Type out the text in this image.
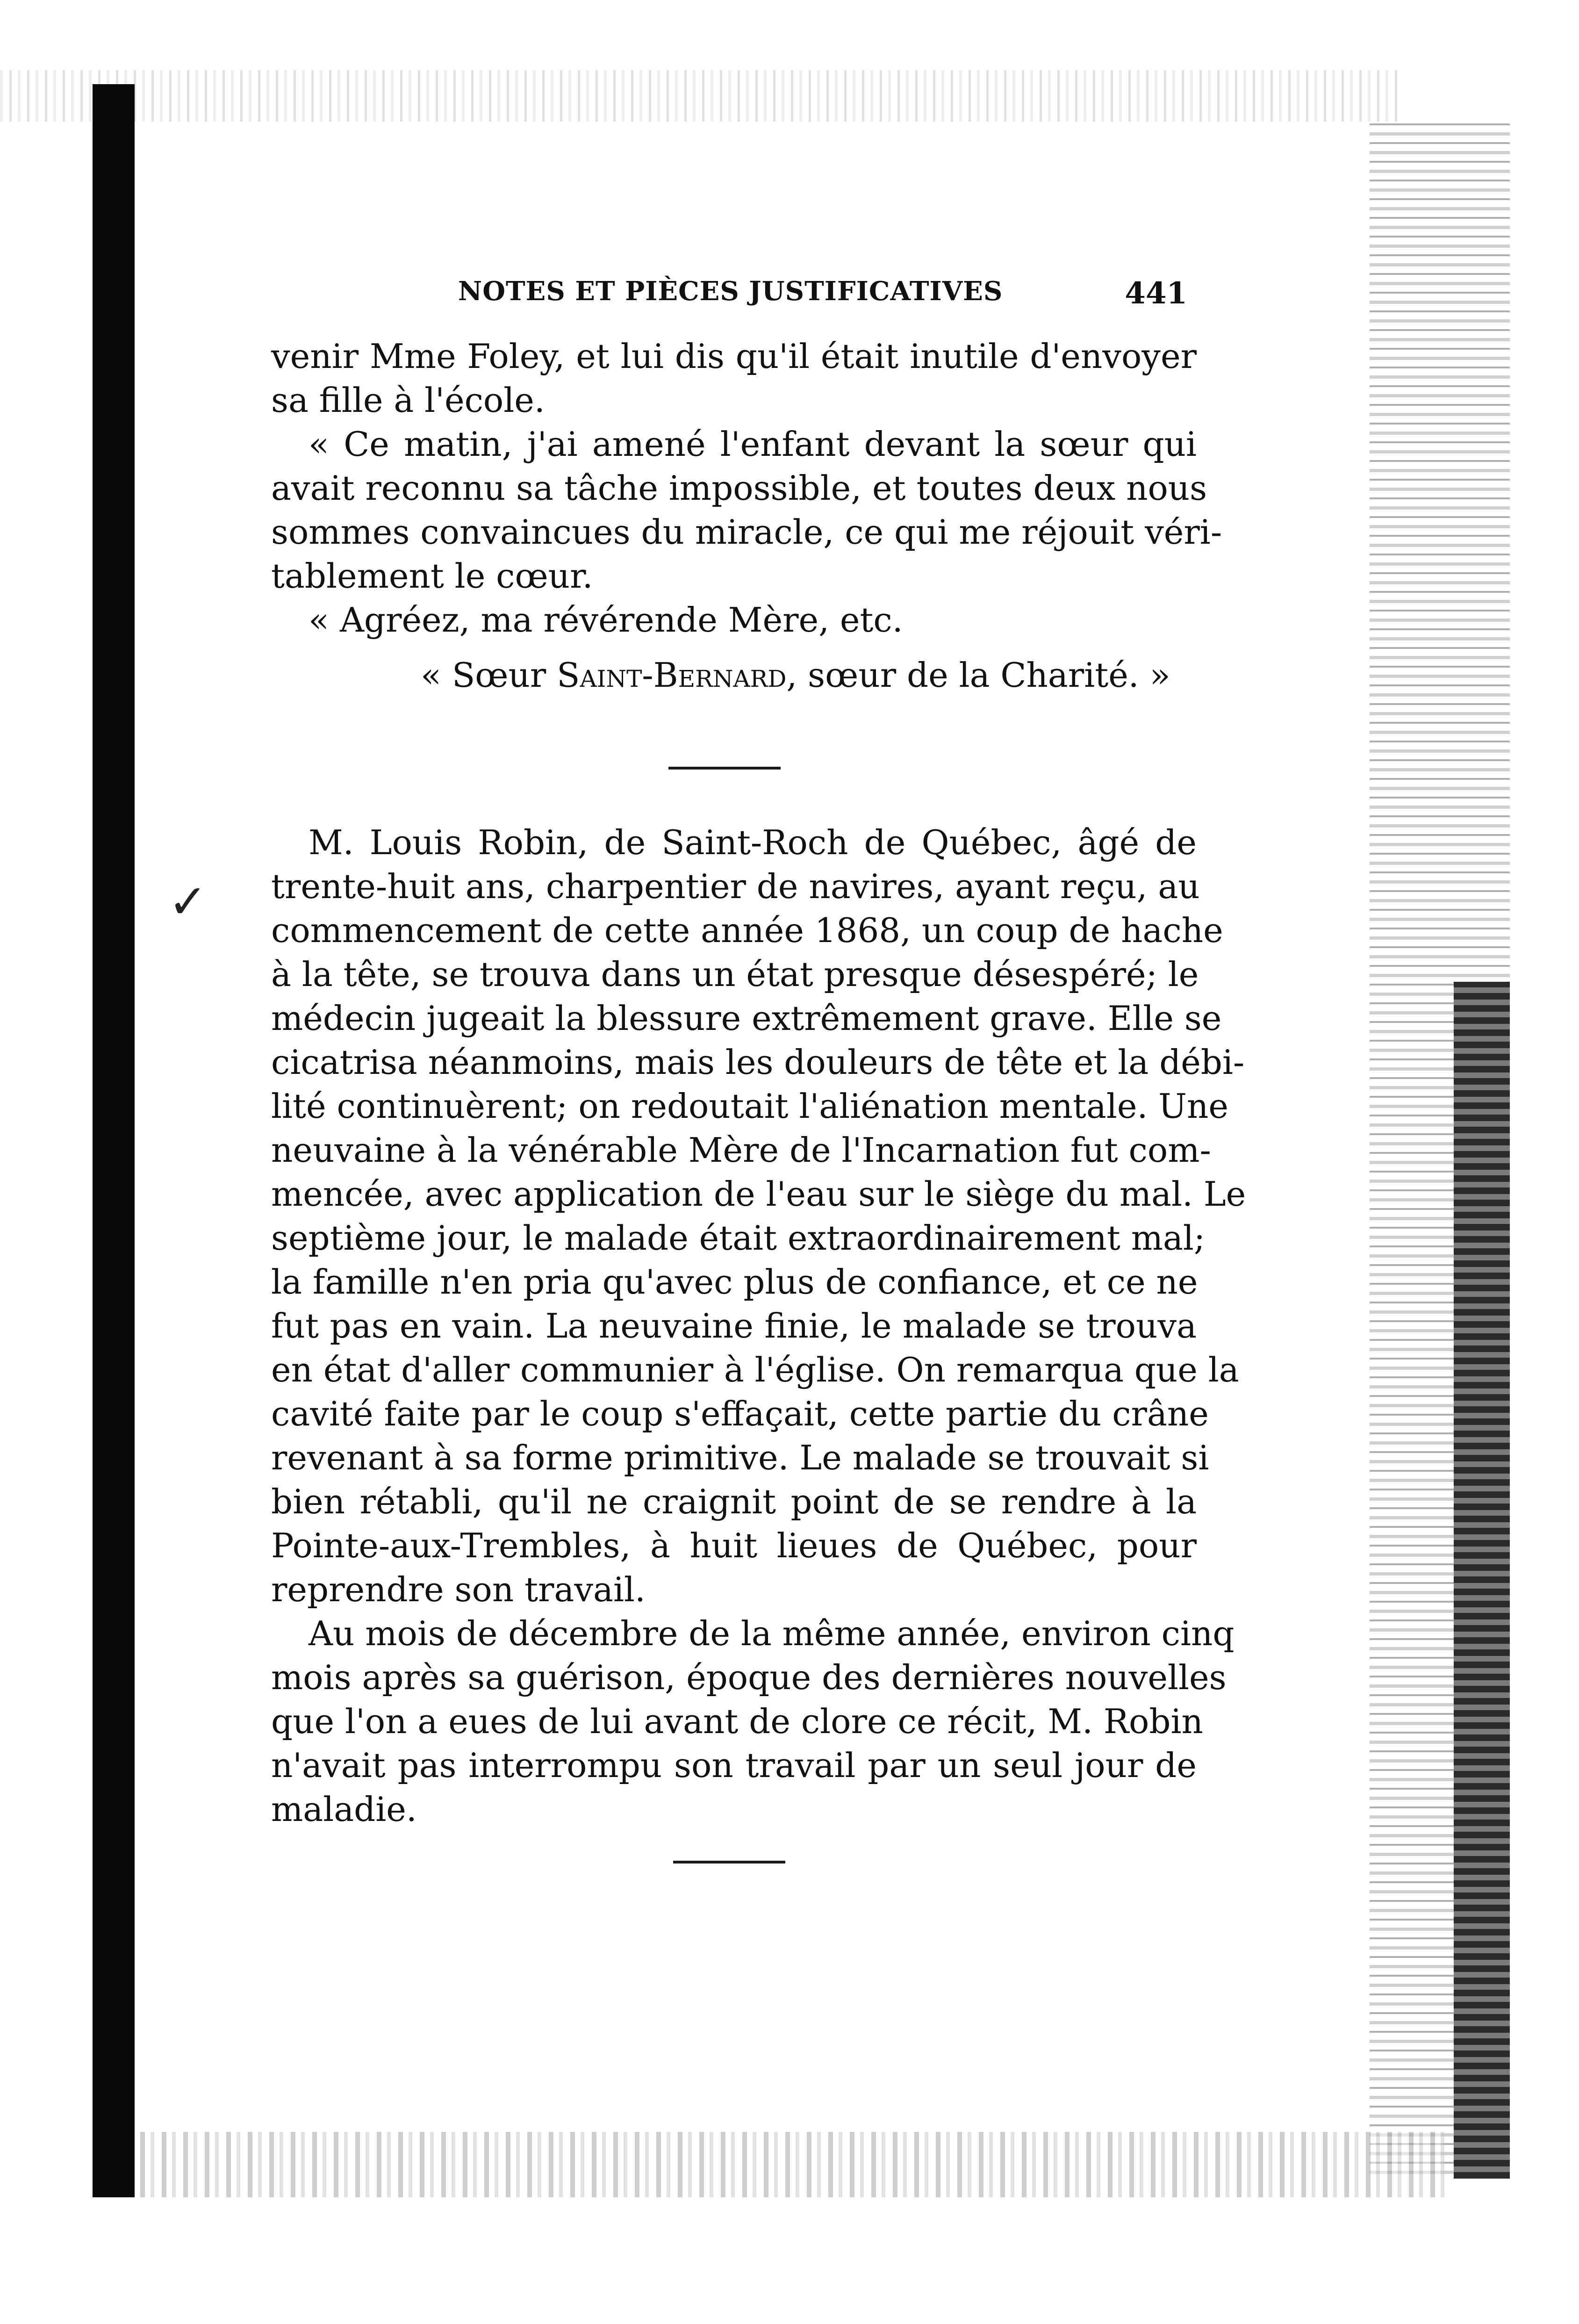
NOTES ET PIÈCES JUSTIFICATIVES	441
venir Mme Foley, et lui dis qu'il était inutile d'envoyer
sa fille à l'école.
« Ce matin, j'ai amené l'enfant devant la sœur qui
avait reconnu sa tâche impossible, et toutes deux nous
sommes convaincues du miracle, ce qui me réjouit véri-
tablement le cœur.
« Agréez, ma révérende Mère, etc.
« Sœur Saint-Bernard, sœur de la Charité. »
✓
M. Louis Robin, de Saint-Roch de Québec, âgé de
trente-huit ans, charpentier de navires, ayant reçu, au
commencement de cette année 1868, un coup de hache
à la tête, se trouva dans un état presque désespéré; le
médecin jugeait la blessure extrêmement grave. Elle se
cicatrisa néanmoins, mais les douleurs de tête et la débi-
lité continuèrent; on redoutait l'aliénation mentale. Une
neuvaine à la vénérable Mère de l'Incarnation fut com-
mencée, avec application de l'eau sur le siège du mal. Le
septième jour, le malade était extraordinairement mal;
la famille n'en pria qu'avec plus de confiance, et ce ne
fut pas en vain. La neuvaine finie, le malade se trouva
en état d'aller communier à l'église. On remarqua que la
cavité faite par le coup s'effaçait, cette partie du crâne
revenant à sa forme primitive. Le malade se trouvait si
bien rétabli, qu'il ne craignit point de se rendre à la
Pointe-aux-Trembles, à huit lieues de Québec, pour
reprendre son travail.
Au mois de décembre de la même année, environ cinq
mois après sa guérison, époque des dernières nouvelles
que l'on a eues de lui avant de clore ce récit, M. Robin
n'avait pas interrompu son travail par un seul jour de
maladie.
